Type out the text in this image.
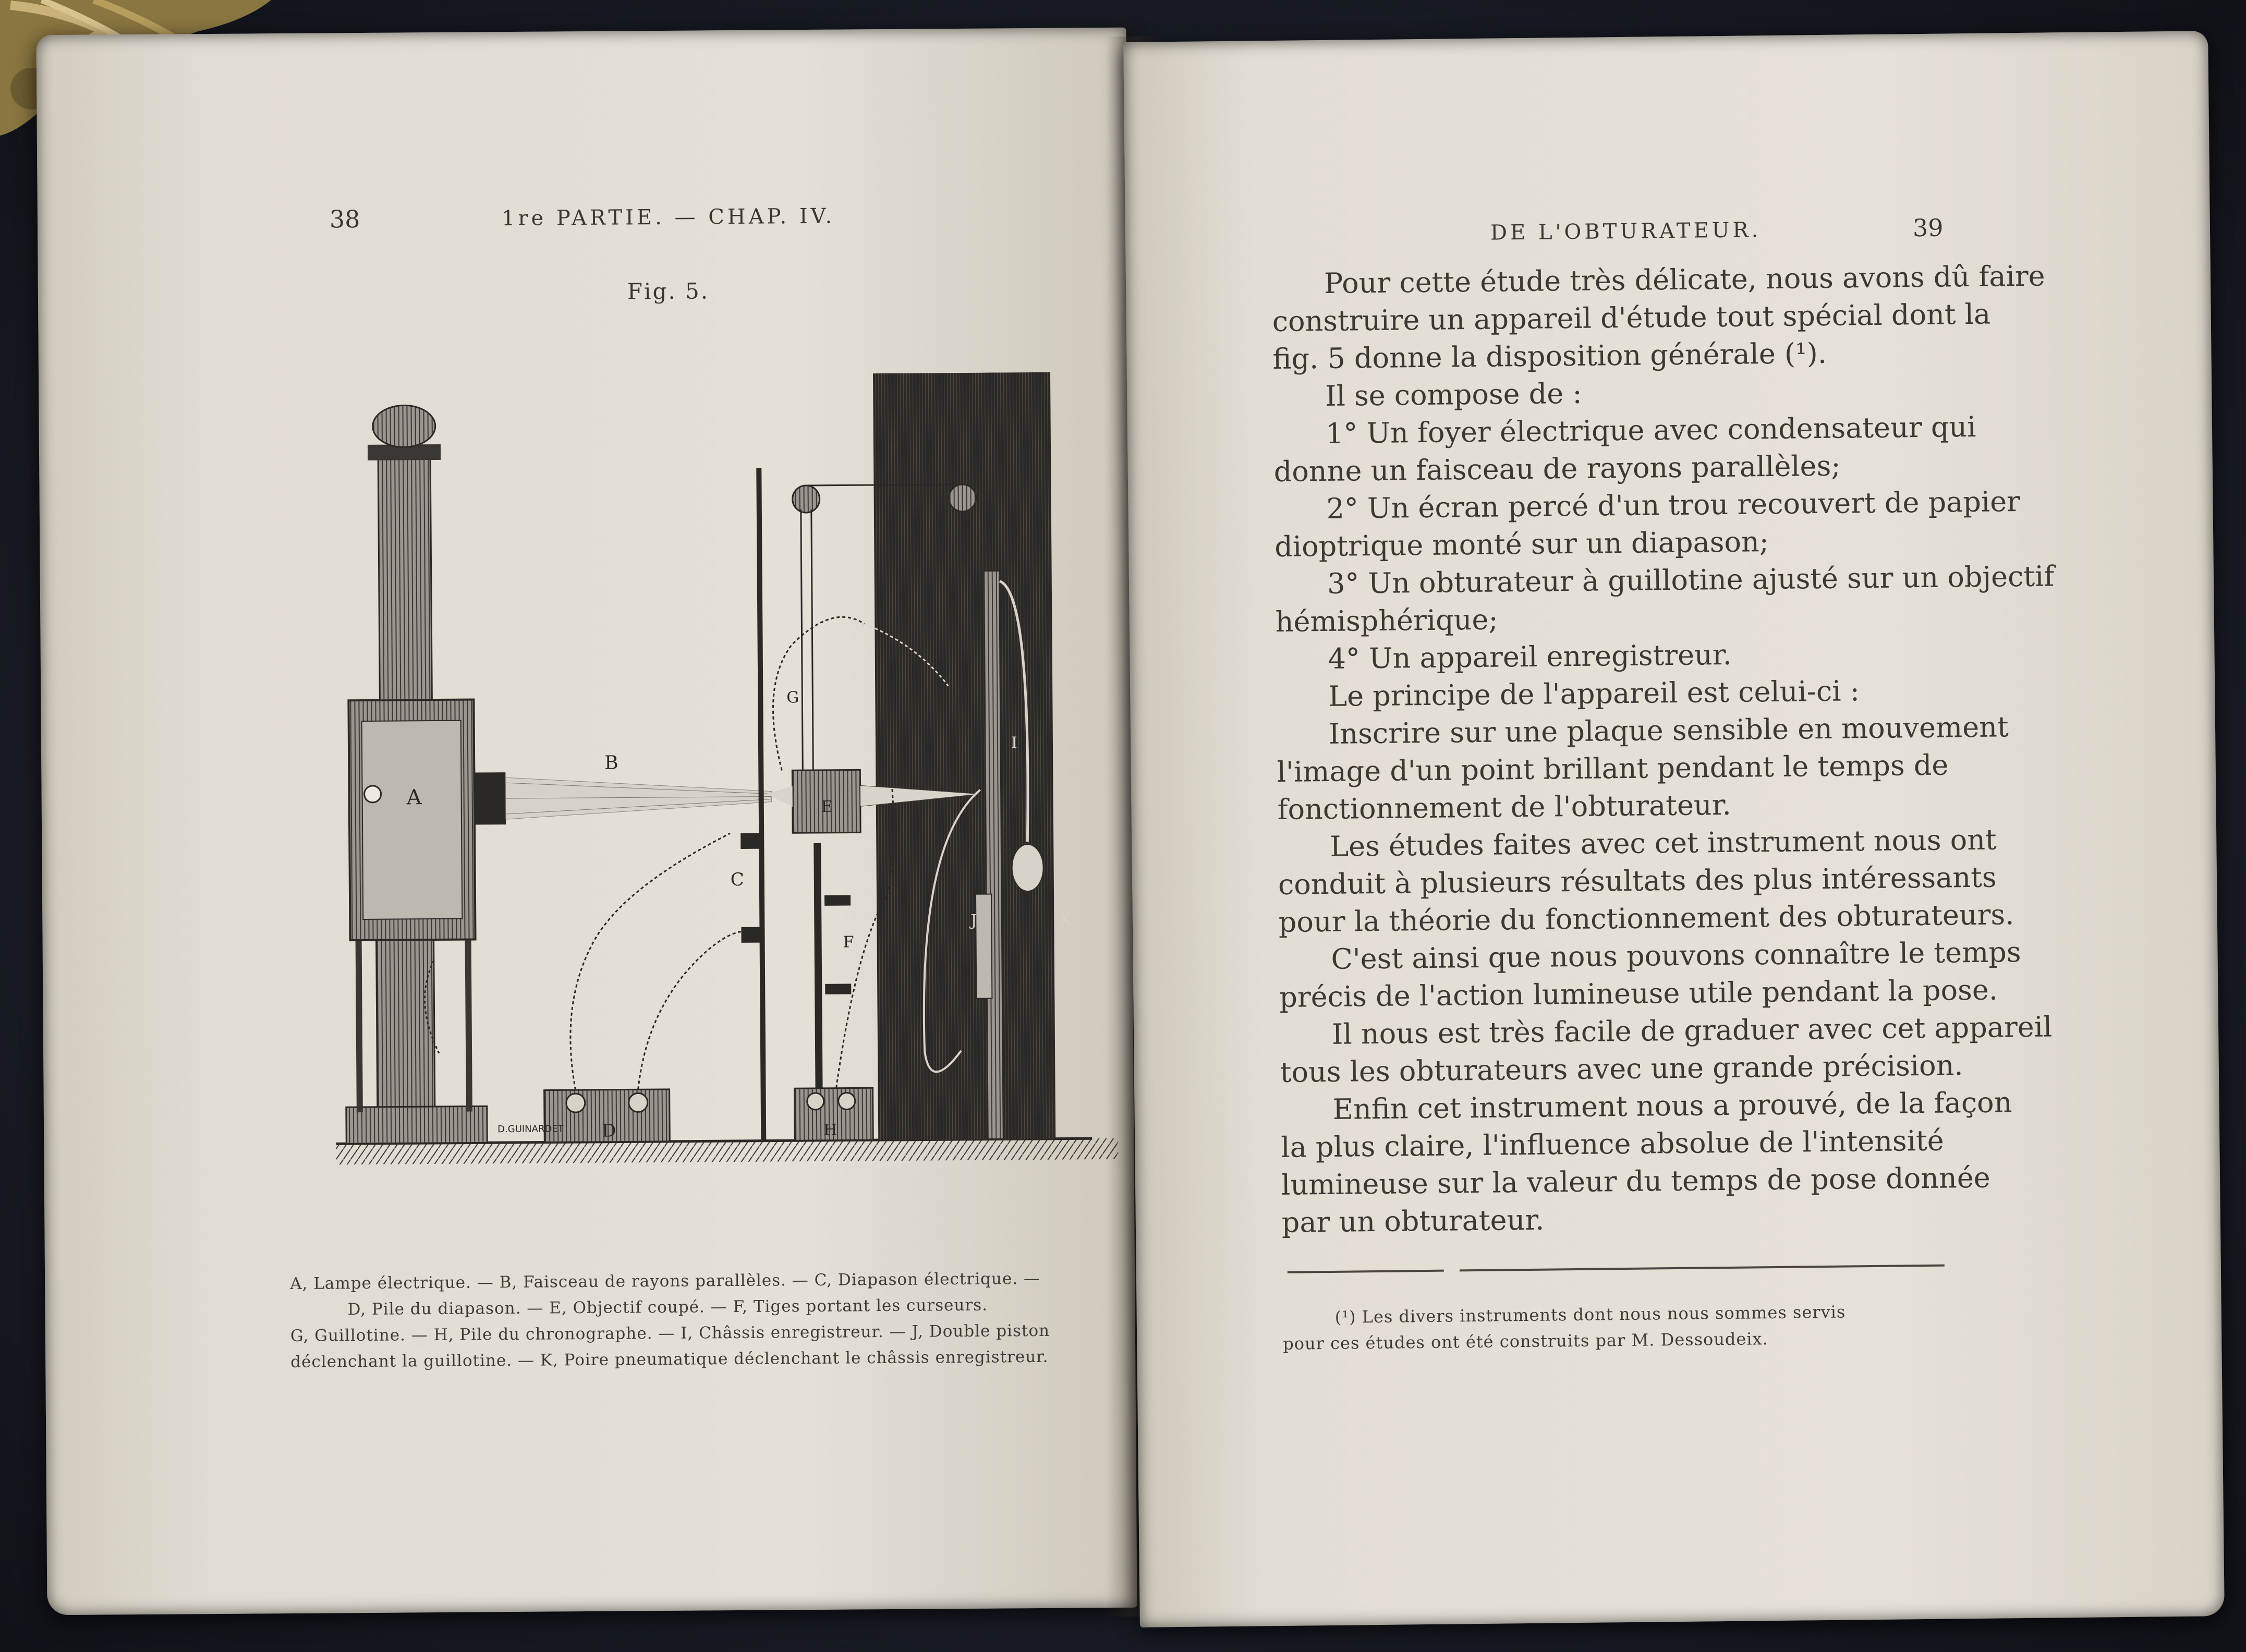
38	1re PARTIE. — CHAP. IV.
Fig. 5.
A
B
C
D
E
F
G
H
I
J	K
D.GUINARDET
A, Lampe électrique. — B, Faisceau de rayons parallèles. — C, Diapason électrique. —
D, Pile du diapason. — E, Objectif coupé. — F, Tiges portant les curseurs.
G, Guillotine. — H, Pile du chronographe. — I, Châssis enregistreur. — J, Double piston
déclenchant la guillotine. — K, Poire pneumatique déclenchant le châssis enregistreur.
DE L'OBTURATEUR.	39
Pour cette étude très délicate, nous avons dû faire
construire un appareil d'étude tout spécial dont la
fig. 5 donne la disposition générale (¹).
Il se compose de :
1° Un foyer électrique avec condensateur qui
donne un faisceau de rayons parallèles;
2° Un écran percé d'un trou recouvert de papier
dioptrique monté sur un diapason;
3° Un obturateur à guillotine ajusté sur un objectif
hémisphérique;
4° Un appareil enregistreur.
Le principe de l'appareil est celui-ci :
Inscrire sur une plaque sensible en mouvement
l'image d'un point brillant pendant le temps de
fonctionnement de l'obturateur.
Les études faites avec cet instrument nous ont
conduit à plusieurs résultats des plus intéressants
pour la théorie du fonctionnement des obturateurs.
C'est ainsi que nous pouvons connaître le temps
précis de l'action lumineuse utile pendant la pose.
Il nous est très facile de graduer avec cet appareil
tous les obturateurs avec une grande précision.
Enfin cet instrument nous a prouvé, de la façon
la plus claire, l'influence absolue de l'intensité
lumineuse sur la valeur du temps de pose donnée
par un obturateur.
(¹) Les divers instruments dont nous nous sommes servis
pour ces études ont été construits par M. Dessoudeix.
